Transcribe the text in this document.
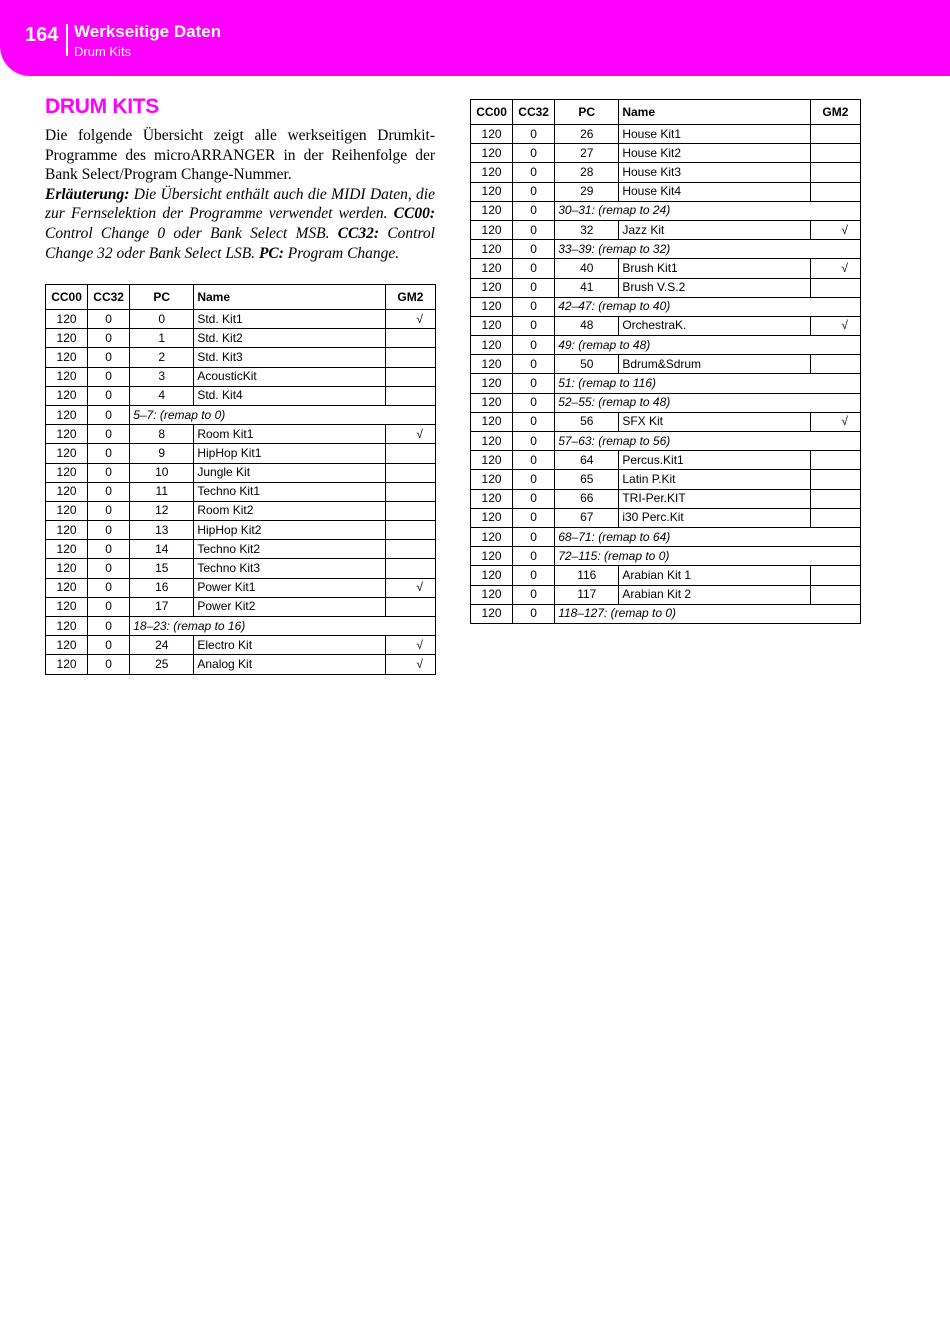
164 Werkseitige Daten
Drum Kits
DRUM KITS

Die folgende Übersicht zeigt alle werkseitigen Drumkit-Programme des microARRANGER in der Reihenfolge der Bank Select/Program Change-Nummer.

Erläuterung: Die Übersicht enthält auch die MIDI Daten, die zur Fernselektion der Programme verwendet werden. CC00: Control Change 0 oder Bank Select MSB. CC32: Control Change 32 oder Bank Select LSB. PC: Program Change.

CC00	CC32	PC	Name	GM2
120	0	0	Std. Kit1	√
120	0	1	Std. Kit2	
120	0	2	Std. Kit3	
120	0	3	AcousticKit	
120	0	4	Std. Kit4	
120	0	5–7: (remap to 0)		
120	0	8	Room Kit1	√
120	0	9	HipHop Kit1	
120	0	10	Jungle Kit	
120	0	11	Techno Kit1	
120	0	12	Room Kit2	
120	0	13	HipHop Kit2	
120	0	14	Techno Kit2	
120	0	15	Techno Kit3	
120	0	16	Power Kit1	√
120	0	17	Power Kit2	
120	0	18–23: (remap to 16)		
120	0	24	Electro Kit	√
120	0	25	Analog Kit	√
CC00	CC32	PC	Name	GM2
120	0	26	House Kit1	
120	0	27	House Kit2	
120	0	28	House Kit3	
120	0	29	House Kit4	
120	0	30–31: (remap to 24)		
120	0	32	Jazz Kit	√
120	0	33–39: (remap to 32)		
120	0	40	Brush Kit1	√
120	0	41	Brush V.S.2	
120	0	42–47: (remap to 40)		
120	0	48	OrchestraK.	√
120	0	49: (remap to 48)		
120	0	50	Bdrum&Sdrum	
120	0	51: (remap to 116)		
120	0	52–55: (remap to 48)		
120	0	56	SFX Kit	√
120	0	57–63: (remap to 56)		
120	0	64	Percus.Kit1	
120	0	65	Latin P.Kit	
120	0	66	TRI-Per.KIT	
120	0	67	i30 Perc.Kit	
120	0	68–71: (remap to 64)		
120	0	72–115: (remap to 0)		
120	0	116	Arabian Kit 1	
120	0	117	Arabian Kit 2	
120	0	118–127: (remap to 0)		
